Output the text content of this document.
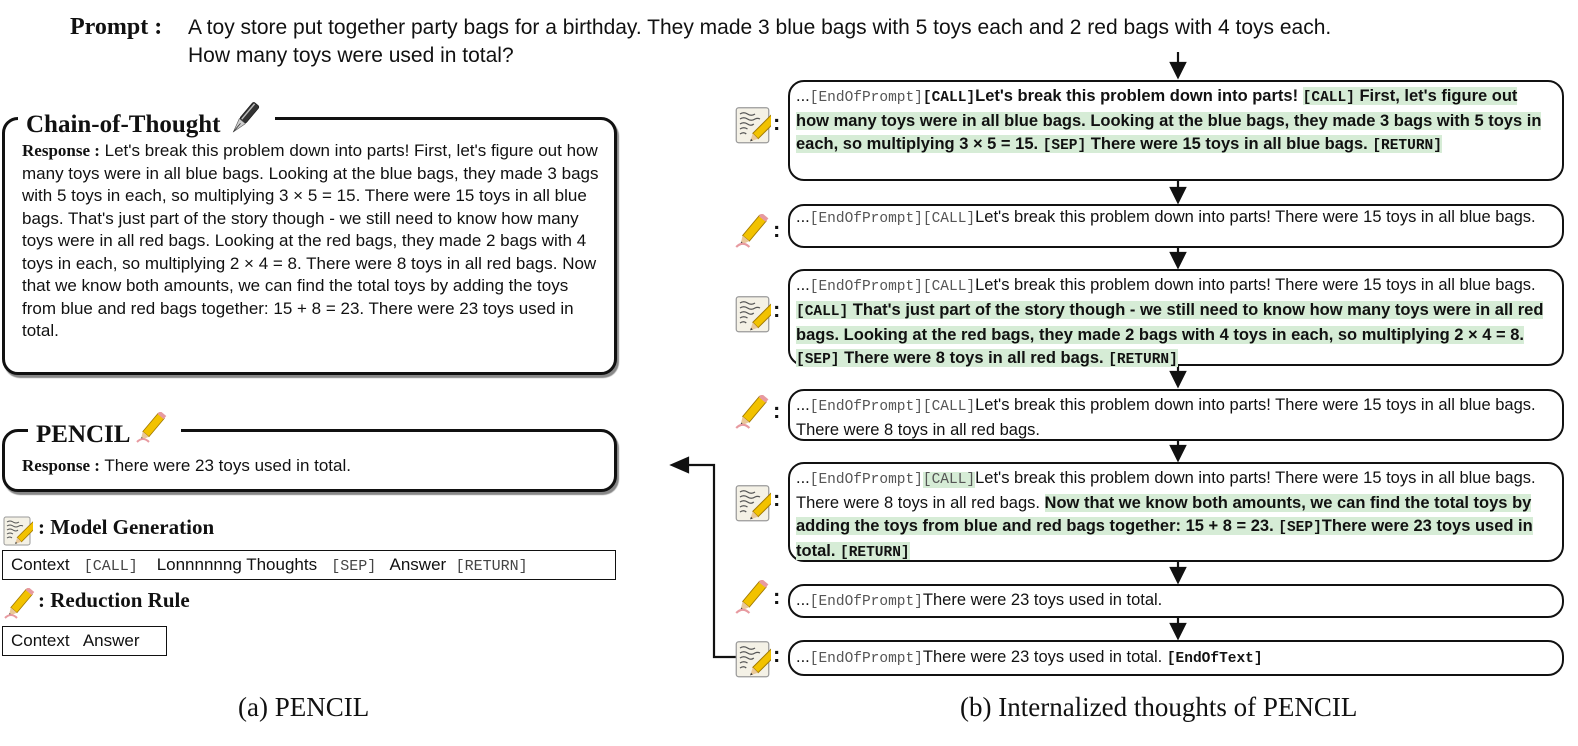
Prompt : A toy store put together party bags for a birthday. They made 3 blue bags with 5 toys each and 2 red bags with 4 toys each.
How many toys were used in total?
Chain-of-Thought
Response : Let's break this problem down into parts! First, let's figure out how many toys were in all blue bags. Looking at the blue bags, they made 3 bags with 5 toys in each, so multiplying 3 × 5 = 15. There were 15 toys in all blue bags. That's just part of the story though - we still need to know how many toys were in all red bags. Looking at the red bags, they made 2 bags with 4 toys in each, so multiplying 2 × 4 = 8. There were 8 toys in all red bags. Now that we know both amounts, we can find the total toys by adding the toys from blue and red bags together: 15 + 8 = 23. There were 23 toys used in total.
PENCIL
Response : There were 23 toys used in total.
: Model Generation
Context [CALL] Lonnnnnng Thoughts [SEP] Answer [RETURN]
: Reduction Rule
Context Answer
(a) PENCIL	(b) Internalized thoughts of PENCIL
:
:
:
:
:
:
:
...[EndOfPrompt][CALL]Let's break this problem down into parts! [CALL] First, let's figure out how many toys were in all blue bags. Looking at the blue bags, they made 3 bags with 5 toys in each, so multiplying 3 × 5 = 15. [SEP] There were 15 toys in all blue bags. [RETURN]
...[EndOfPrompt][CALL]Let's break this problem down into parts! There were 15 toys in all blue bags.
...[EndOfPrompt][CALL]Let's break this problem down into parts! There were 15 toys in all blue bags. [CALL] That's just part of the story though - we still need to know how many toys were in all red bags. Looking at the red bags, they made 2 bags with 4 toys in each, so multiplying 2 × 4 = 8. [SEP] There were 8 toys in all red bags. [RETURN]
...[EndOfPrompt][CALL]Let's break this problem down into parts! There were 15 toys in all blue bags. There were 8 toys in all red bags.
...[EndOfPrompt][CALL]Let's break this problem down into parts! There were 15 toys in all blue bags. There were 8 toys in all red bags. Now that we know both amounts, we can find the total toys by adding the toys from blue and red bags together: 15 + 8 = 23. [SEP]There were 23 toys used in total. [RETURN]
...[EndOfPrompt]There were 23 toys used in total.
...[EndOfPrompt]There were 23 toys used in total. [EndOfText]
